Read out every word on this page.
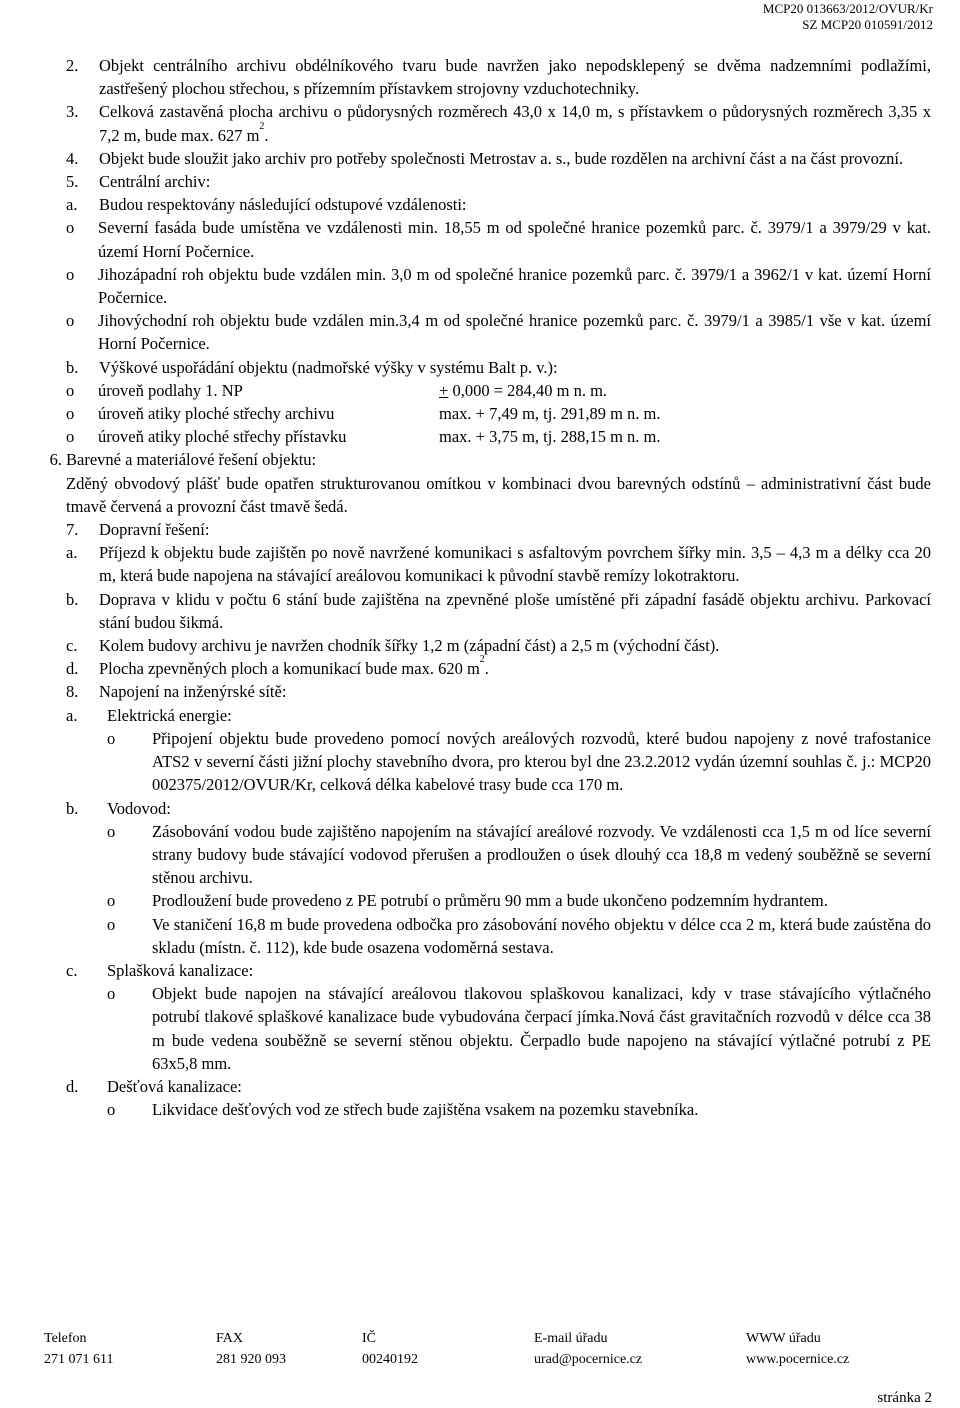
MCP20 013663/2012/OVUR/Kr
SZ MCP20 010591/2012
2.	Objekt centrálního archivu obdélníkového tvaru bude navržen jako nepodsklepený se dvěma nadzemními podlažími, zastřešený plochou střechou, s přízemním přístavkem strojovny vzduchotechniky.
3.	Celková zastavěná plocha archivu o půdorysných rozměrech 43,0 x 14,0 m, s přístavkem o půdorysných rozměrech 3,35 x 7,2 m, bude max. 627 $m^2$.
4.	Objekt bude sloužit jako archiv pro potřeby společnosti Metrostav a. s., bude rozdělen na archivní část a na část provozní.
5.	Centrální archiv:
a.	Budou respektovány následující odstupové vzdálenosti:
o	Severní fasáda bude umístěna ve vzdálenosti min. 18,55 m od společné hranice pozemků parc. č. 3979/1 a 3979/29 v kat. území Horní Počernice.
o	Jihozápadní roh objektu bude vzdálen min. 3,0 m od společné hranice pozemků parc. č. 3979/1 a 3962/1 v kat. území Horní Počernice.
o	Jihovýchodní roh objektu bude vzdálen min.3,4 m od společné hranice pozemků parc. č. 3979/1 a 3985/1 vše v kat. území Horní Počernice.
b.	Výškové uspořádání objektu (nadmořské výšky v systému Balt p. v.):
o	úroveň podlahy 1. NP	+ 0,000 = 284,40 m n. m.
o	úroveň atiky ploché střechy archivu	max. + 7,49 m, tj. 291,89 m n. m.
o	úroveň atiky ploché střechy přístavku	max. + 3,75 m, tj. 288,15 m n. m.
6. Barevné a materiálové řešení objektu:
Zděný obvodový plášť bude opatřen strukturovanou omítkou v kombinaci dvou barevných odstínů – administrativní část bude tmavě červená a provozní část tmavě šedá.
7.	Dopravní řešení:
a.	Příjezd k objektu bude zajištěn po nově navržené komunikaci s asfaltovým povrchem šířky min. 3,5 – 4,3 m a délky cca 20 m, která bude napojena na stávající areálovou komunikaci k původní stavbě remízy lokotraktoru.
b.	Doprava v klidu v počtu 6 stání bude zajištěna na zpevněné ploše umístěné při západní fasádě objektu archivu. Parkovací stání budou šikmá.
c.	Kolem budovy archivu je navržen chodník šířky 1,2 m (západní část) a 2,5 m (východní část).
d.	Plocha zpevněných ploch a komunikací bude max. 620 $m^2$.
8.	Napojení na inženýrské sítě:
a.	Elektrická energie:
o	Připojení objektu bude provedeno pomocí nových areálových rozvodů, které budou napojeny z nové trafostanice ATS2 v severní části jižní plochy stavebního dvora, pro kterou byl dne 23.2.2012 vydán územní souhlas č. j.: MCP20 002375/2012/OVUR/Kr, celková délka kabelové trasy bude cca 170 m.
b.	Vodovod:
o	Zásobování vodou bude zajištěno napojením na stávající areálové rozvody. Ve vzdálenosti cca 1,5 m od líce severní strany budovy bude stávající vodovod přerušen a prodloužen o úsek dlouhý cca 18,8 m vedený souběžně se severní stěnou archivu.
o	Prodloužení bude provedeno z PE potrubí o průměru 90 mm a bude ukončeno podzemním hydrantem.
o	Ve staničení 16,8 m bude provedena odbočka pro zásobování nového objektu v délce cca 2 m, která bude zaústěna do skladu (místn. č. 112), kde bude osazena vodoměrná sestava.
c.	Splašková kanalizace:
o	Objekt bude napojen na stávající areálovou tlakovou splaškovou kanalizaci, kdy v trase stávajícího výtlačného potrubí tlakové splaškové kanalizace bude vybudována čerpací jímka.Nová část gravitačních rozvodů v délce cca 38 m bude vedena souběžně se severní stěnou objektu. Čerpadlo bude napojeno na stávající výtlačné potrubí z PE 63x5,8 mm.
d.	Dešťová kanalizace:
o	Likvidace dešťových vod ze střech bude zajištěna vsakem na pozemku stavebníka.
Telefon	FAX	IČ	E-mail úřadu	WWW úřadu
271 071 611	281 920 093	00240192	urad@pocernice.cz	www.pocernice.cz
stránka 2
